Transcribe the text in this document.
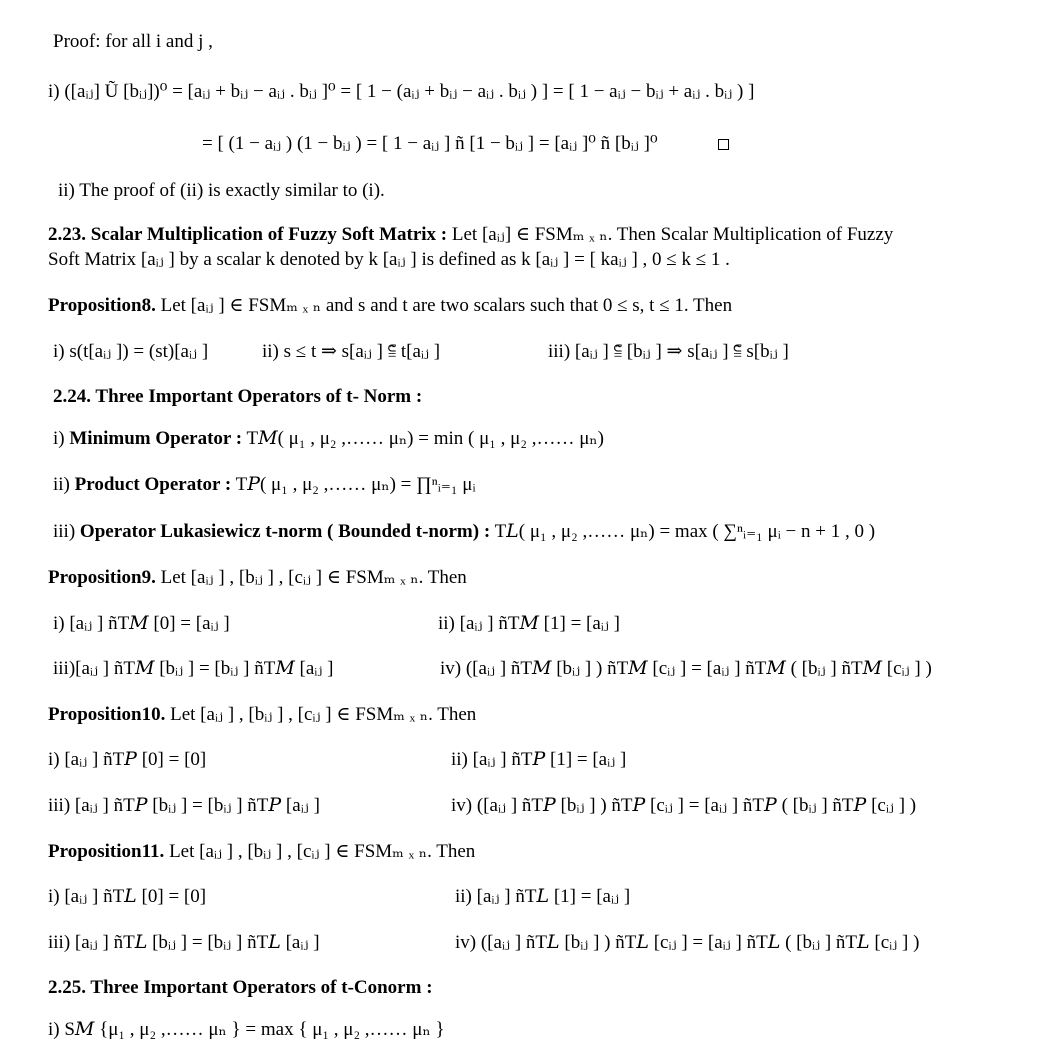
Proof: for all i and j ,
i) ([aᵢⱼ] Ũ [bᵢⱼ])⁰ = [aᵢⱼ + bᵢⱼ − aᵢⱼ . bᵢⱼ ]⁰ = [ 1 − (aᵢⱼ + bᵢⱼ − aᵢⱼ . bᵢⱼ ) ] = [ 1 − aᵢⱼ − bᵢⱼ + aᵢⱼ . bᵢⱼ ) ]
= [ (1 − aᵢⱼ ) (1 − bᵢⱼ ) = [ 1 − aᵢⱼ ] ñ [1 − bᵢⱼ ] = [aᵢⱼ ]⁰ ñ [bᵢⱼ ]⁰
ii) The proof of (ii) is exactly similar to (i).
2.23. Scalar Multiplication of Fuzzy Soft Matrix : Let [aᵢⱼ] ∈ FSMₘ ₓ ₙ. Then Scalar Multiplication of Fuzzy
Soft Matrix [aᵢⱼ ] by a scalar k denoted by k [aᵢⱼ ] is defined as k [aᵢⱼ ] = [ kaᵢⱼ ] , 0 ≤ k ≤ 1 .
Proposition8. Let [aᵢⱼ ] ∈ FSMₘ ₓ ₙ and s and t are two scalars such that 0 ≤ s, t ≤ 1. Then
i) s(t[aᵢⱼ ]) = (st)[aᵢⱼ ]	ii) s ≤ t ⇒ s[aᵢⱼ ] ⫅̃ t[aᵢⱼ ]	iii) [aᵢⱼ ] ⫅̃ [bᵢⱼ ] ⇒ s[aᵢⱼ ] ⫅̃ s[bᵢⱼ ]
2.24. Three Important Operators of t- Norm :
i) Minimum Operator : T𝑀( μ₁ , μ₂ ,…… μₙ) = min ( μ₁ , μ₂ ,…… μₙ)
ii) Product Operator : T𝑃( μ₁ , μ₂ ,…… μₙ) = ∏ⁿᵢ₌₁ μᵢ
iii) Operator Lukasiewicz t-norm ( Bounded t-norm) : T𝐿( μ₁ , μ₂ ,…… μₙ) = max ( ∑ⁿᵢ₌₁ μᵢ − n + 1 , 0 )
Proposition9. Let [aᵢⱼ ] , [bᵢⱼ ] , [cᵢⱼ ] ∈ FSMₘ ₓ ₙ. Then
i) [aᵢⱼ ] ñT𝑀 [0] = [aᵢⱼ ]	ii) [aᵢⱼ ] ñT𝑀 [1] = [aᵢⱼ ]
iii)[aᵢⱼ ] ñT𝑀 [bᵢⱼ ] = [bᵢⱼ ] ñT𝑀 [aᵢⱼ ]	iv) ([aᵢⱼ ] ñT𝑀 [bᵢⱼ ] ) ñT𝑀 [cᵢⱼ ] = [aᵢⱼ ] ñT𝑀 ( [bᵢⱼ ] ñT𝑀 [cᵢⱼ ] )
Proposition10. Let [aᵢⱼ ] , [bᵢⱼ ] , [cᵢⱼ ] ∈ FSMₘ ₓ ₙ. Then
i) [aᵢⱼ ] ñT𝑃 [0] = [0]	ii) [aᵢⱼ ] ñT𝑃 [1] = [aᵢⱼ ]
iii) [aᵢⱼ ] ñT𝑃 [bᵢⱼ ] = [bᵢⱼ ] ñT𝑃 [aᵢⱼ ]	iv) ([aᵢⱼ ] ñT𝑃 [bᵢⱼ ] ) ñT𝑃 [cᵢⱼ ] = [aᵢⱼ ] ñT𝑃 ( [bᵢⱼ ] ñT𝑃 [cᵢⱼ ] )
Proposition11. Let [aᵢⱼ ] , [bᵢⱼ ] , [cᵢⱼ ] ∈ FSMₘ ₓ ₙ. Then
i) [aᵢⱼ ] ñT𝐿 [0] = [0]	ii) [aᵢⱼ ] ñT𝐿 [1] = [aᵢⱼ ]
iii) [aᵢⱼ ] ñT𝐿 [bᵢⱼ ] = [bᵢⱼ ] ñT𝐿 [aᵢⱼ ]	iv) ([aᵢⱼ ] ñT𝐿 [bᵢⱼ ] ) ñT𝐿 [cᵢⱼ ] = [aᵢⱼ ] ñT𝐿 ( [bᵢⱼ ] ñT𝐿 [cᵢⱼ ] )
2.25. Three Important Operators of t-Conorm :
i) S𝑀 {μ₁ , μ₂ ,…… μₙ } = max { μ₁ , μ₂ ,…… μₙ }
